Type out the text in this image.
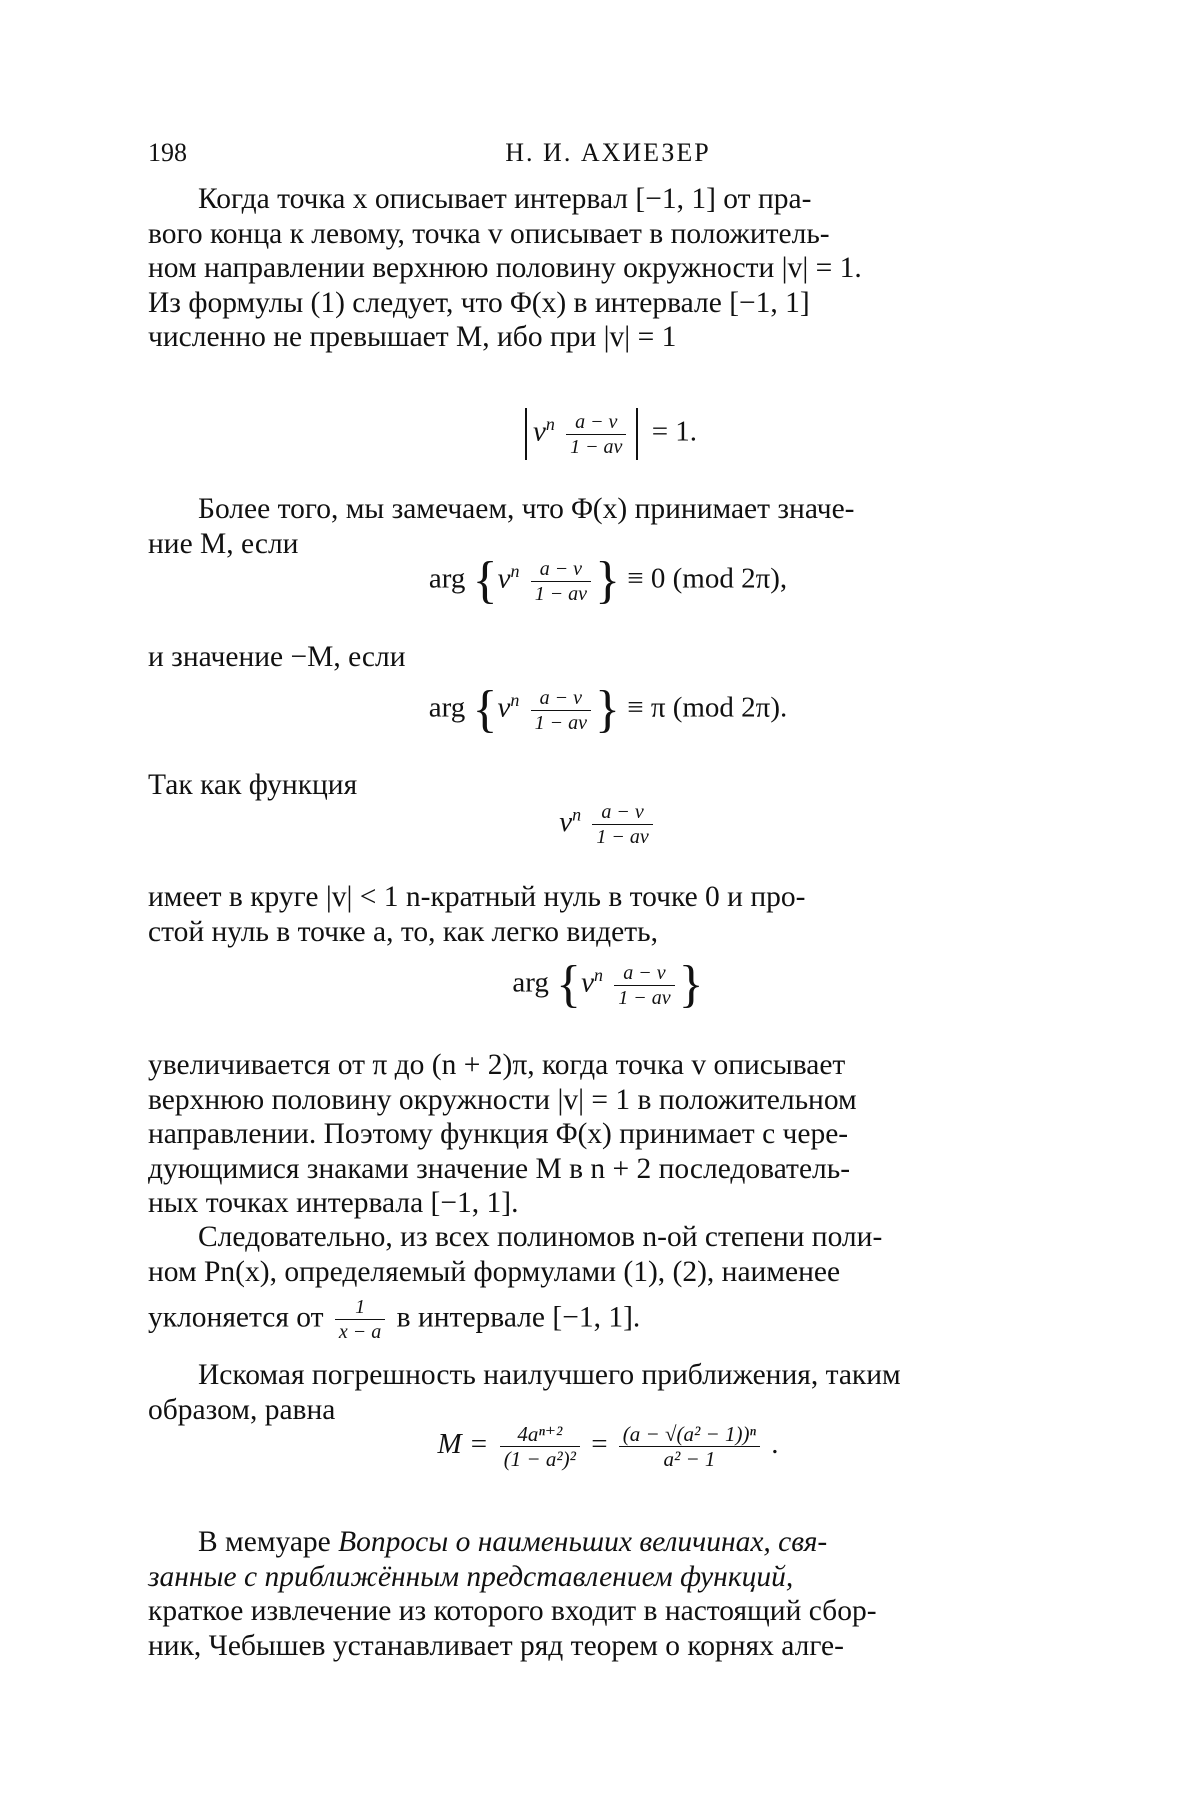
198	Н. И. АХИЕЗЕР
Когда точка x описывает интервал [−1, 1] от пра-
вого конца к левому, точка v описывает в положитель-
ном направлении верхнюю половину окружности |v| = 1.
Из формулы (1) следует, что Φ(x) в интервале [−1, 1]
численно не превышает M, ибо при |v| = 1
$v^n \frac{a - v}{1 - av} = 1$.
Более того, мы замечаем, что Φ(x) принимает значе-
ние M, если
arg {$v^n \frac{a - v}{1 - av}$ } ≡ 0 (mod 2π),
и значение −M, если
arg {$v^n \frac{a - v}{1 - av}$ } ≡ π (mod 2π).
Так как функция
$v^n \frac{a - v}{1 - av}$
имеет в круге |v| < 1 n-кратный нуль в точке 0 и про-
стой нуль в точке a, то, как легко видеть,
arg {$v^n \frac{a - v}{1 - av}$ }
увеличивается от π до (n + 2)π, когда точка v описывает
верхнюю половину окружности |v| = 1 в положительном
направлении. Поэтому функция Φ(x) принимает с чере-
дующимися знаками значение M в n + 2 последователь-
ных точках интервала [−1, 1].
Следовательно, из всех полиномов n-ой степени поли-
ном Pn(x), определяемый формулами (1), (2), наименее
уклоняется от $\frac{1}{x - a}$ в интервале [−1, 1].
Искомая погрешность наилучшего приближения, таким
образом, равна
$M = \frac{\text{4aⁿ⁺²}}{\text{(1 − a²)²}} = \frac{\text{(a − √(a² − 1))ⁿ}}{\text{a² − 1}}$ .
В мемуаре Вопросы о наименьших величинах, свя-
занные с приближённым представлением функций,
краткое извлечение из которого входит в настоящий сбор-
ник, Чебышев устанавливает ряд теорем о корнях алге-
